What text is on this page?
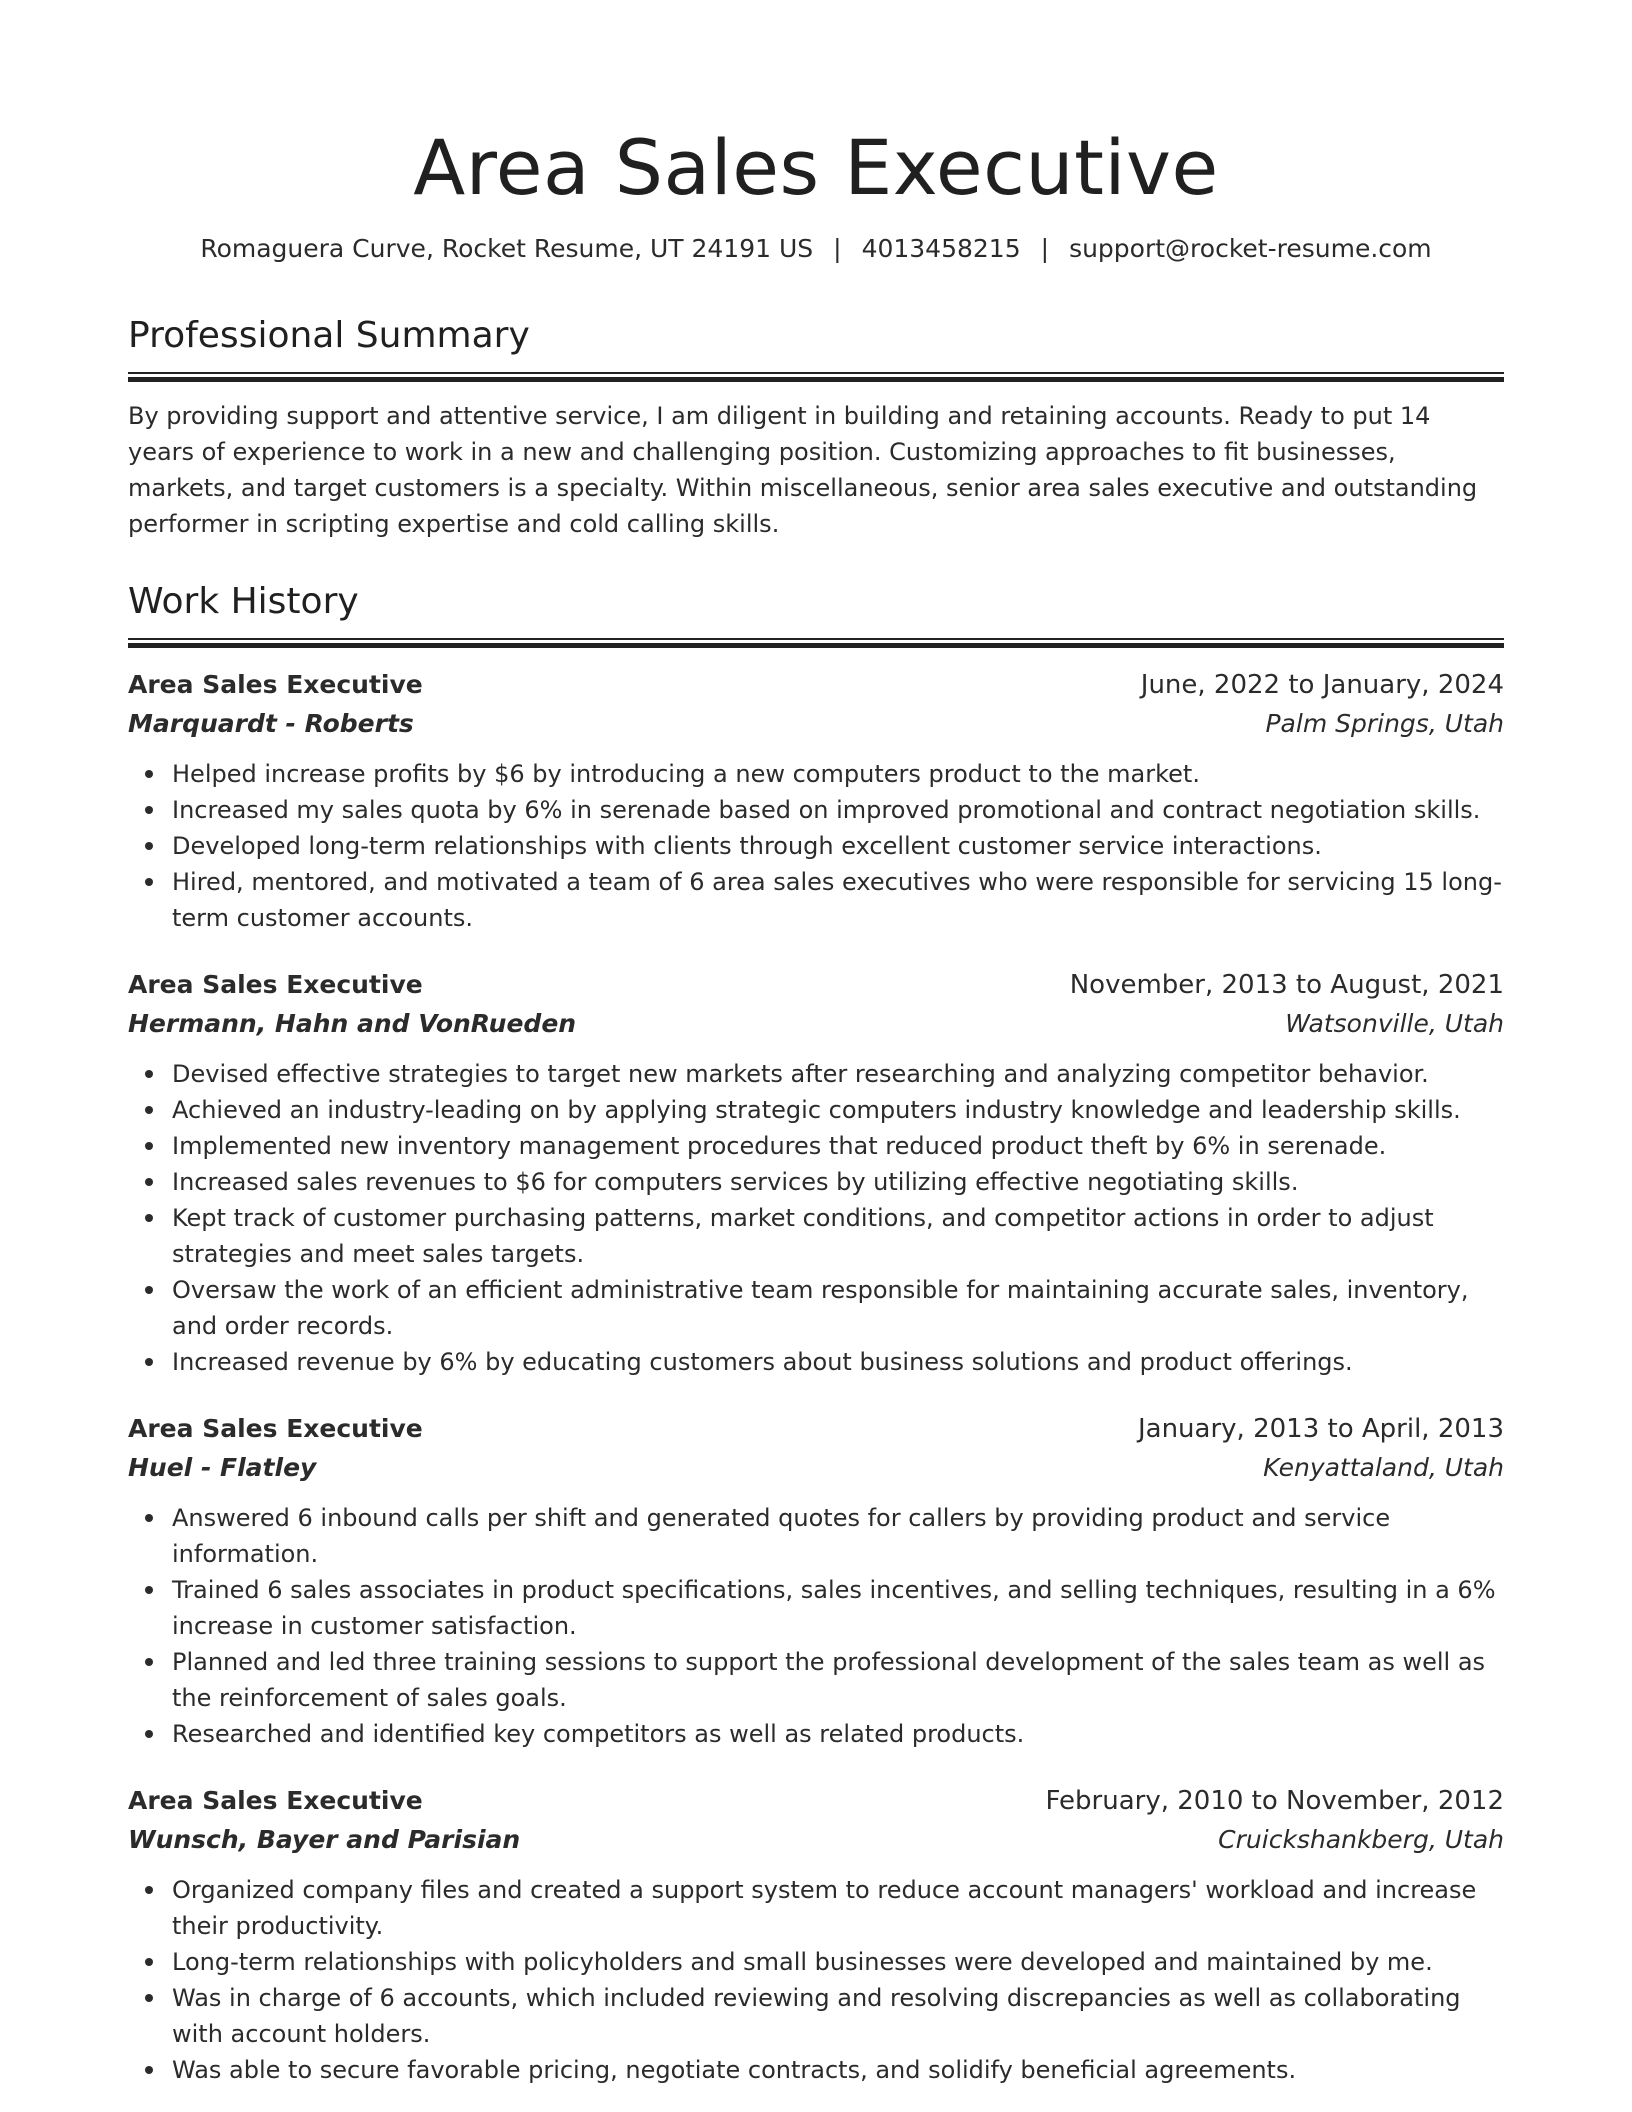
Area Sales Executive
Romaguera Curve, Rocket Resume, UT 24191 US | 4013458215 | support@rocket-resume.com
Professional Summary

By providing support and attentive service, I am diligent in building and retaining accounts. Ready to put 14 years of experience to work in a new and challenging position. Customizing approaches to fit businesses, markets, and target customers is a specialty. Within miscellaneous, senior area sales executive and outstanding performer in scripting expertise and cold calling skills.

Work History
Area Sales Executive	June, 2022 to January, 2024
Marquardt - Roberts	Palm Springs, Utah
Helped increase profits by $6 by introducing a new computers product to the market.
Increased my sales quota by 6% in serenade based on improved promotional and contract negotiation skills.
Developed long-term relationships with clients through excellent customer service interactions.
Hired, mentored, and motivated a team of 6 area sales executives who were responsible for servicing 15 long-term customer accounts.
Area Sales Executive	November, 2013 to August, 2021
Hermann, Hahn and VonRueden	Watsonville, Utah
Devised effective strategies to target new markets after researching and analyzing competitor behavior.
Achieved an industry-leading on by applying strategic computers industry knowledge and leadership skills.
Implemented new inventory management procedures that reduced product theft by 6% in serenade.
Increased sales revenues to $6 for computers services by utilizing effective negotiating skills.
Kept track of customer purchasing patterns, market conditions, and competitor actions in order to adjust strategies and meet sales targets.
Oversaw the work of an efficient administrative team responsible for maintaining accurate sales, inventory, and order records.
Increased revenue by 6% by educating customers about business solutions and product offerings.
Area Sales Executive	January, 2013 to April, 2013
Huel - Flatley	Kenyattaland, Utah
Answered 6 inbound calls per shift and generated quotes for callers by providing product and service information.
Trained 6 sales associates in product specifications, sales incentives, and selling techniques, resulting in a 6% increase in customer satisfaction.
Planned and led three training sessions to support the professional development of the sales team as well as the reinforcement of sales goals.
Researched and identified key competitors as well as related products.
Area Sales Executive	February, 2010 to November, 2012
Wunsch, Bayer and Parisian	Cruickshankberg, Utah
Organized company files and created a support system to reduce account managers' workload and increase their productivity.
Long-term relationships with policyholders and small businesses were developed and maintained by me.
Was in charge of 6 accounts, which included reviewing and resolving discrepancies as well as collaborating with account holders.
Was able to secure favorable pricing, negotiate contracts, and solidify beneficial agreements.
